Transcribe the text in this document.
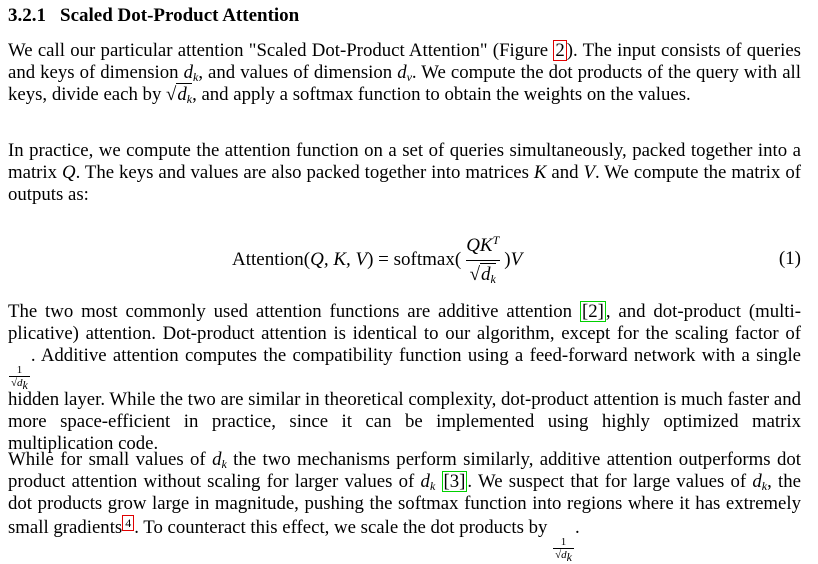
3.2.1 Scaled Dot-Product Attention
We call our particular attention "Scaled Dot-Product Attention" (Figure 2 ). The input consists of queries and keys of dimension $d_k$, and values of dimension $d_v$. We compute the dot products of the query with all keys, divide each by $√d_k$, and apply a softmax function to obtain the weights on the values.
In practice, we compute the attention function on a set of queries simultaneously, packed together into a matrix Q. The keys and values are also packed together into matrices K and V. We compute the matrix of outputs as:
Attention( Q, K, V ) = softmax( $\frac{QK^T}{√d_k}$ ) V	(1)
The two most commonly used attention functions are additive attention [2] , and dot-product (multi-plicative) attention. Dot-product attention is identical to our algorithm, except for the scaling factor of
$\frac{1}{√d_k}$
. Additive attention computes the compatibility function using a feed-forward network with a single hidden layer. While the two are similar in theoretical complexity, dot-product attention is much faster and more space-efficient in practice, since it can be implemented using highly optimized matrix multiplication code.
While for small values of $d_k$ the two mechanisms perform similarly, additive attention outperforms dot product attention without scaling for larger values of $d_k$ [3] . We suspect that for large values of $d_k$, the dot products grow large in magnitude, pushing the softmax function into regions where it has extremely small gradients 4 . To counteract this effect, we scale the dot products by
$\frac{1}{√d_k}$
.
